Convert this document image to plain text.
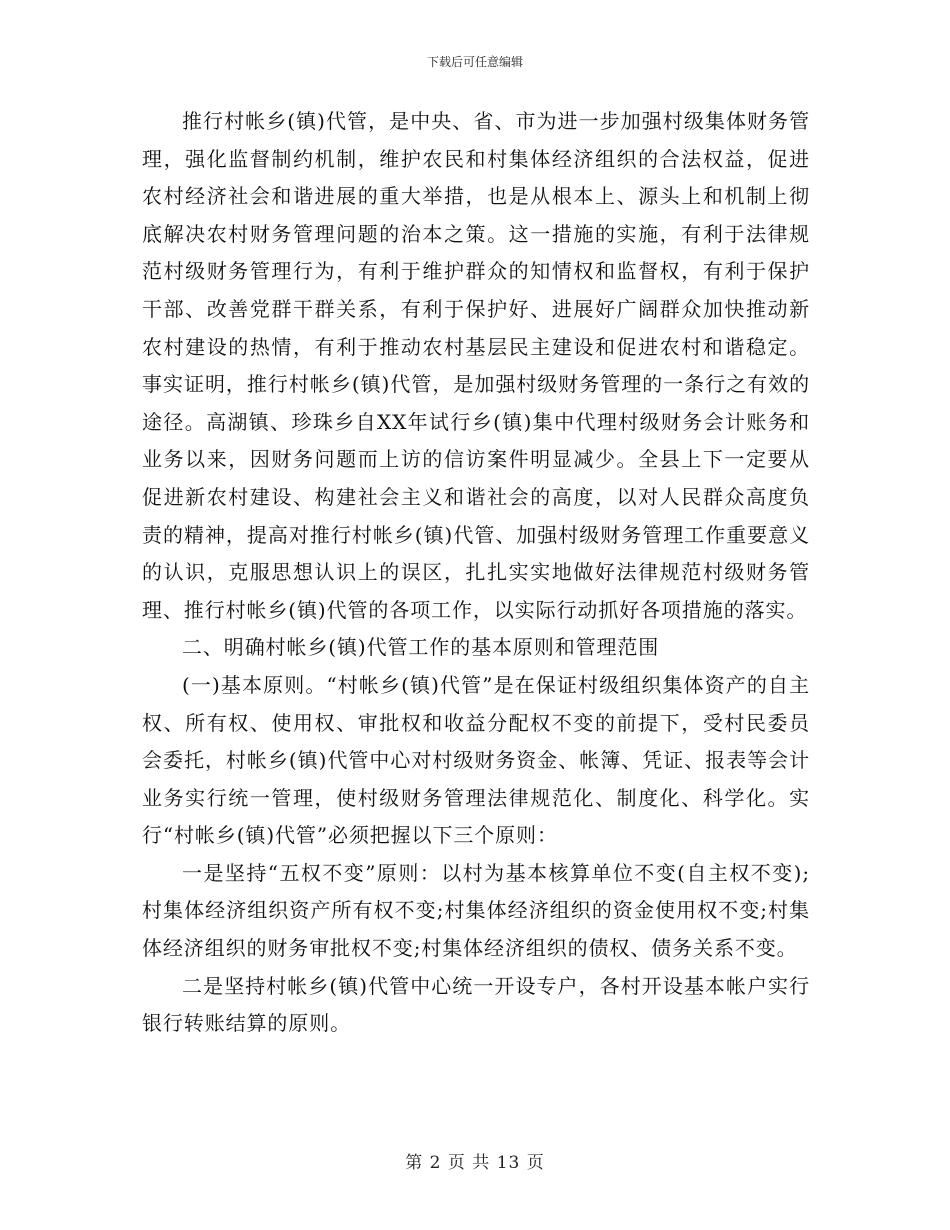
下载后可任意编辑

推行村帐乡(镇)代管，是中央、省、市为进一步加强村级集体财务管理，强化监督制约机制，维护农民和村集体经济组织的合法权益，促进农村经济社会和谐进展的重大举措，也是从根本上、源头上和机制上彻底解决农村财务管理问题的治本之策。这一措施的实施，有利于法律规范村级财务管理行为，有利于维护群众的知情权和监督权，有利于保护干部、改善党群干群关系，有利于保护好、进展好广阔群众加快推动新农村建设的热情，有利于推动农村基层民主建设和促进农村和谐稳定。事实证明，推行村帐乡(镇)代管，是加强村级财务管理的一条行之有效的途径。高湖镇、珍珠乡自XX年试行乡(镇)集中代理村级财务会计账务和业务以来，因财务问题而上访的信访案件明显减少。全县上下一定要从促进新农村建设、构建社会主义和谐社会的高度，以对人民群众高度负责的精神，提高对推行村帐乡(镇)代管、加强村级财务管理工作重要意义的认识，克服思想认识上的误区，扎扎实实地做好法律规范村级财务管理、推行村帐乡(镇)代管的各项工作，以实际行动抓好各项措施的落实。

二、明确村帐乡(镇)代管工作的基本原则和管理范围

(一)基本原则。“村帐乡(镇)代管”是在保证村级组织集体资产的自主权、所有权、使用权、审批权和收益分配权不变的前提下，受村民委员会委托，村帐乡(镇)代管中心对村级财务资金、帐簿、凭证、报表等会计业务实行统一管理，使村级财务管理法律规范化、制度化、科学化。实行“村帐乡(镇)代管”必须把握以下三个原则：

一是坚持“五权不变”原则：以村为基本核算单位不变(自主权不变);村集体经济组织资产所有权不变;村集体经济组织的资金使用权不变;村集体经济组织的财务审批权不变;村集体经济组织的债权、债务关系不变。

二是坚持村帐乡(镇)代管中心统一开设专户，各村开设基本帐户实行银行转账结算的原则。

第 2 页 共 13 页
